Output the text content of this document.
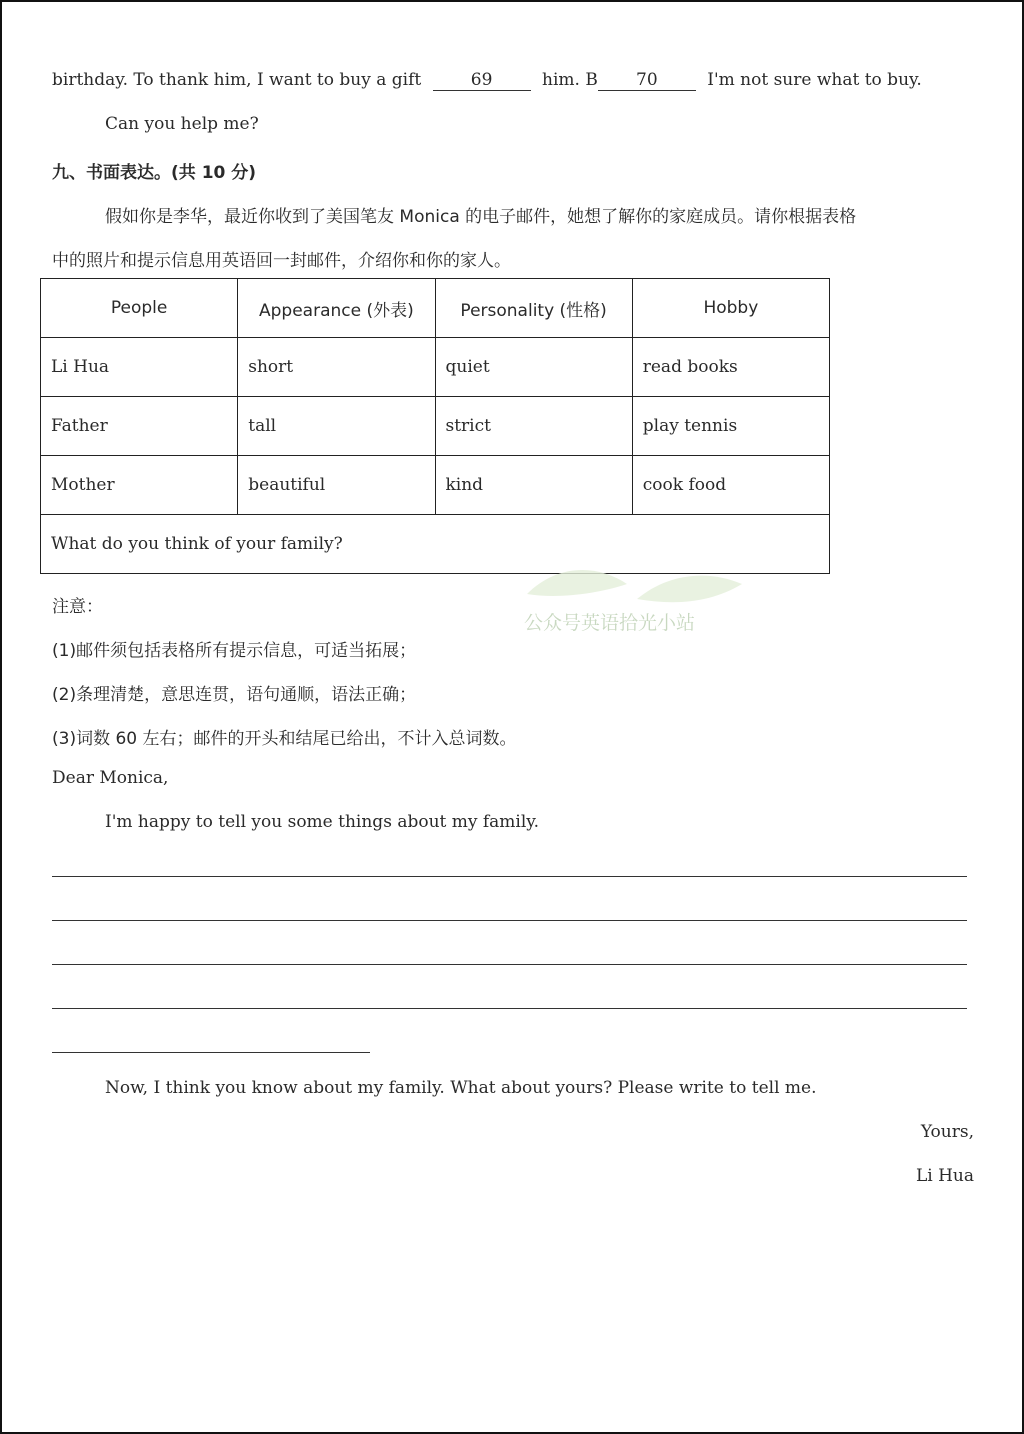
birthday. To thank him, I want to buy a gift	69	him. B 70	I'm not sure what to buy.
Can you help me?
九、书面表达。(共 10 分)
假如你是李华，最近你收到了美国笔友 Monica 的电子邮件，她想了解你的家庭成员。请你根据表格
中的照片和提示信息用英语回一封邮件，介绍你和你的家人。
People	Appearance (外表)	Personality (性格)	Hobby
Li Hua	short	quiet	read books
Father	tall	strict	play tennis
Mother	beautiful	kind	cook food
What do you think of your family?			
公众号英语拾光小站
注意：
(1)邮件须包括表格所有提示信息，可适当拓展；
(2)条理清楚，意思连贯，语句通顺，语法正确；
(3)词数 60 左右；邮件的开头和结尾已给出，不计入总词数。
Dear Monica,
I'm happy to tell you some things about my family.
Now, I think you know about my family. What about yours? Please write to tell me.
Yours,
Li Hua
